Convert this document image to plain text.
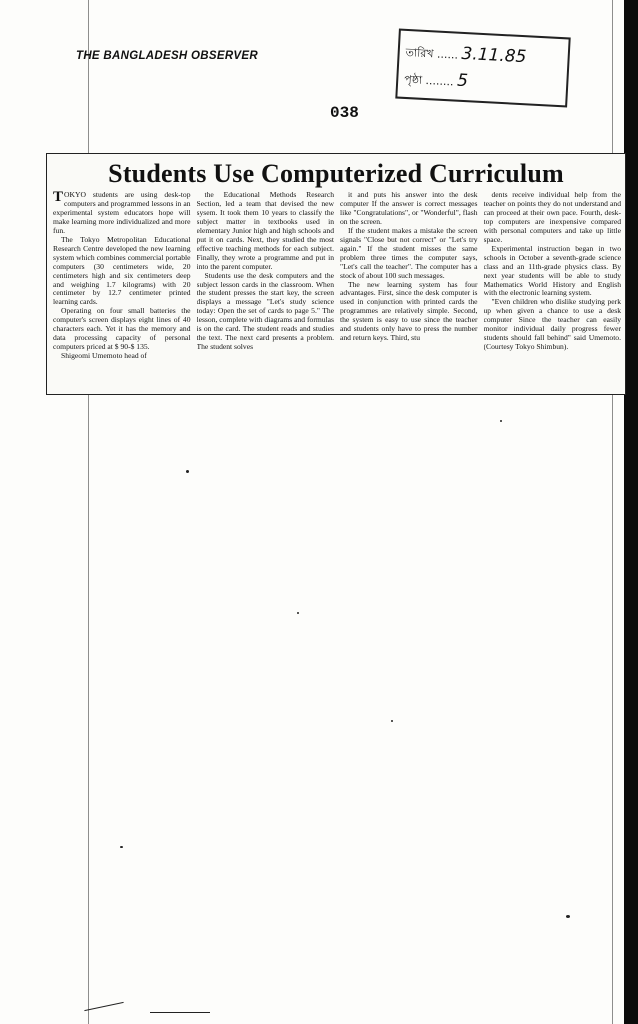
THE BANGLADESH OBSERVER	তারিখ ...... 3.11.85
পৃষ্ঠা ........ 5
038
Students Use Computerized Curriculum

TOKYO students are using desk-top computers and programmed lessons in an experimental system educators hope will make learning more individualized and more fun.

The Tokyo Metropolitan Educational Research Centre developed the new learning system which combines commercial portable computers (30 centimeters wide, 20 centimeters high and six centimeters deep and weighing 1.7 kilograms) with 20 centimeter by 12.7 centimeter printed learning cards.

Operating on four small batteries the computer's screen displays eight lines of 40 characters each. Yet it has the memory and data processing capacity of personal computers priced at $ 90-$ 135.

Shigeomi Umemoto head of

the Educational Methods Research Section, led a team that devised the new sysem. It took them 10 years to classify the subject matter in textbooks used in elementary Junior high and high schools and put it on cards. Next, they studied the most effective teaching methods for each subject. Finally, they wrote a programme and put in into the parent computer.

Students use the desk computers and the subject lesson cards in the classroom. When the student presses the start key, the screen displays a message "Let's study science today: Open the set of cards to page 5." The lesson, complete with diagrams and formulas is on the card. The student reads and studies the text. The next card presents a problem. The student solves

it and puts his answer into the desk computer If the answer is correct messages like "Congratulations", or "Wonderful", flash on the screen.

If the student makes a mistake the screen signals "Close but not correct" or "Let's try again." If the student misses the same problem three times the computer says, "Let's call the teacher". The computer has a stock of about 100 such messages.

The new learning system has four advantages. First, since the desk computer is used in conjunction with printed cards the programmes are relatively simple. Second, the system is easy to use since the teacher and students only have to press the number and return keys. Third, stu

dents receive individual help from the teacher on points they do not understand and can proceed at their own pace. Fourth, desk-top computers are inexpensive compared with personal computers and take up little space.

Experimental instruction began in two schools in October a seventh-grade science class and an 11th-grade physics class. By next year students will be able to study Mathematics World History and English with the electronic learning system.

"Even children who dislike studying perk up when given a chance to use a desk computer Since the teacher can easily monitor individual daily progress fewer students should fall behind" said Umemoto. (Courtesy Tokyo Shimbun).
